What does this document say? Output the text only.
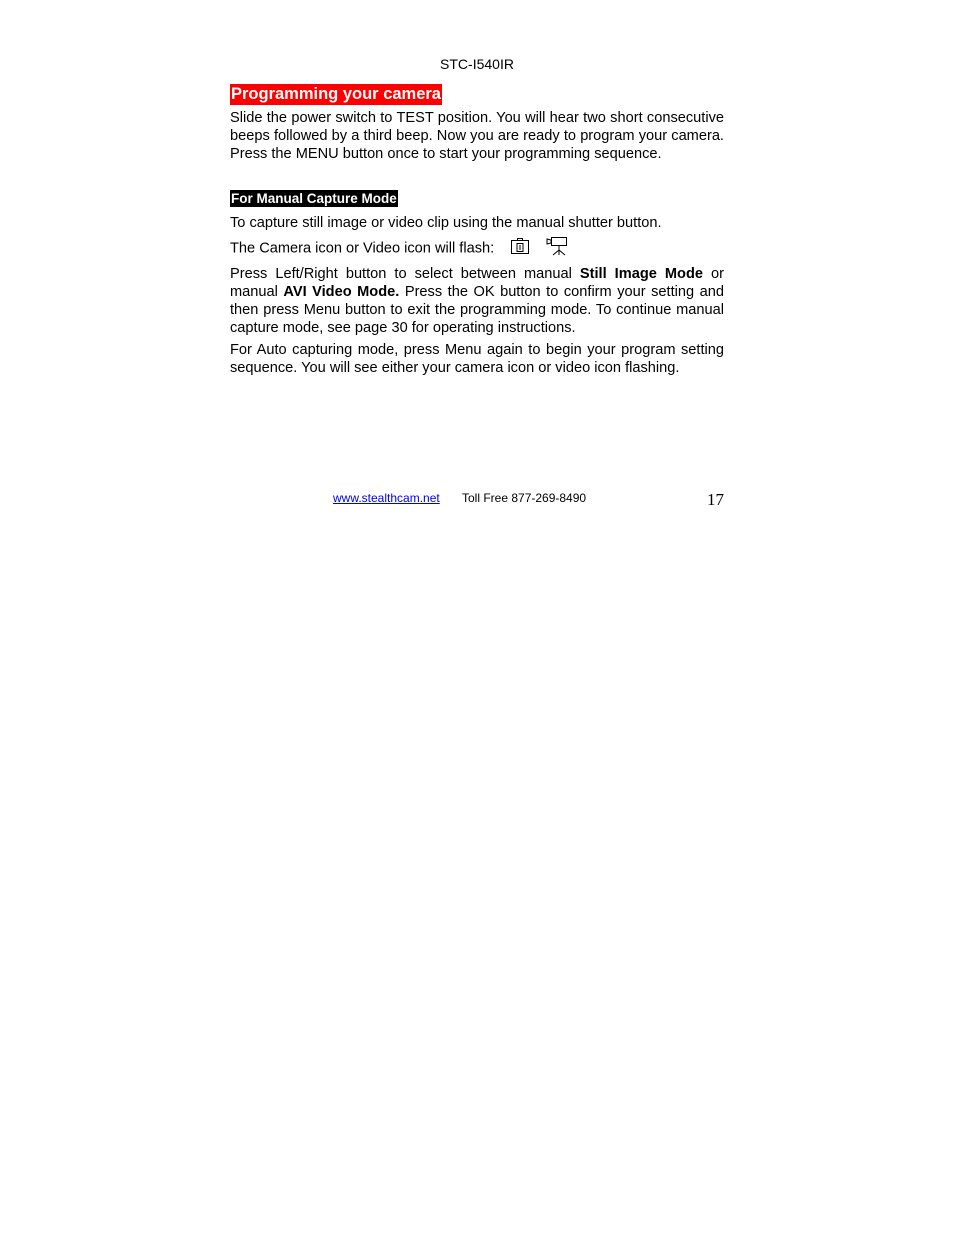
STC-I540IR
Programming your camera

Slide the power switch to TEST position. You will hear two short consecutive beeps followed by a third beep. Now you are ready to program your camera. Press the MENU button once to start your programming sequence.

For Manual Capture Mode

To capture still image or video clip using the manual shutter button.

The Camera icon or Video icon will flash:

Press Left/Right button to select between manual Still Image Mode or manual AVI Video Mode. Press the OK button to confirm your setting and then press Menu button to exit the programming mode. To continue manual capture mode, see page 30 for operating instructions.

For Auto capturing mode, press Menu again to begin your program setting sequence. You will see either your camera icon or video icon flashing.

www.stealthcam.net Toll Free 877-269-8490	17
